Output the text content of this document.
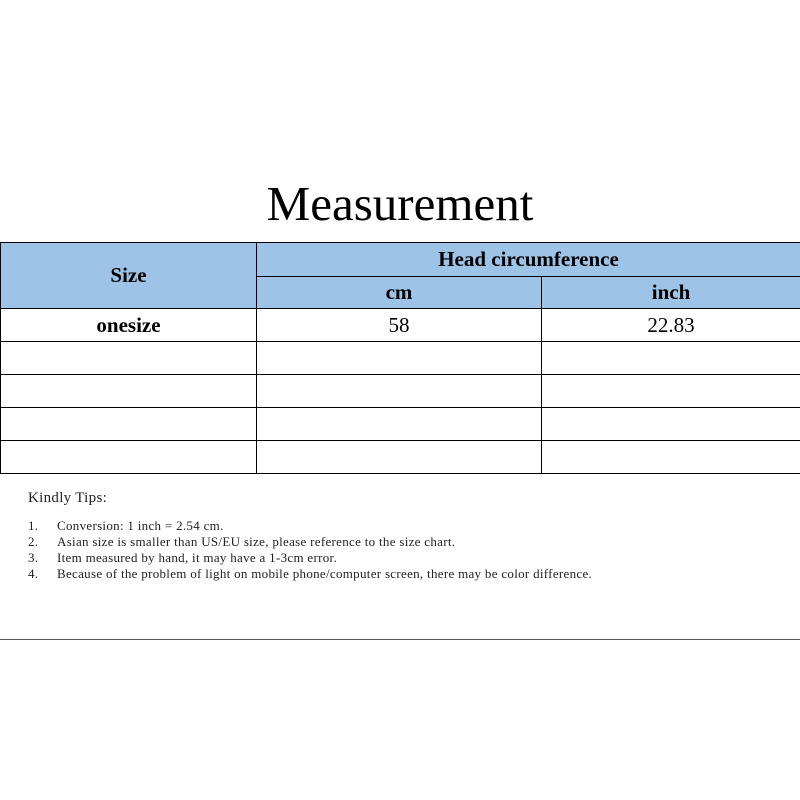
Measurement
Size	Head circumference	
	cm	inch
onesize	58	22.83

Kindly Tips:
1. Conversion: 1 inch = 2.54 cm.
2. Asian size is smaller than US/EU size, please reference to the size chart.
3. Item measured by hand, it may have a 1-3cm error.
4. Because of the problem of light on mobile phone/computer screen, there may be color difference.
